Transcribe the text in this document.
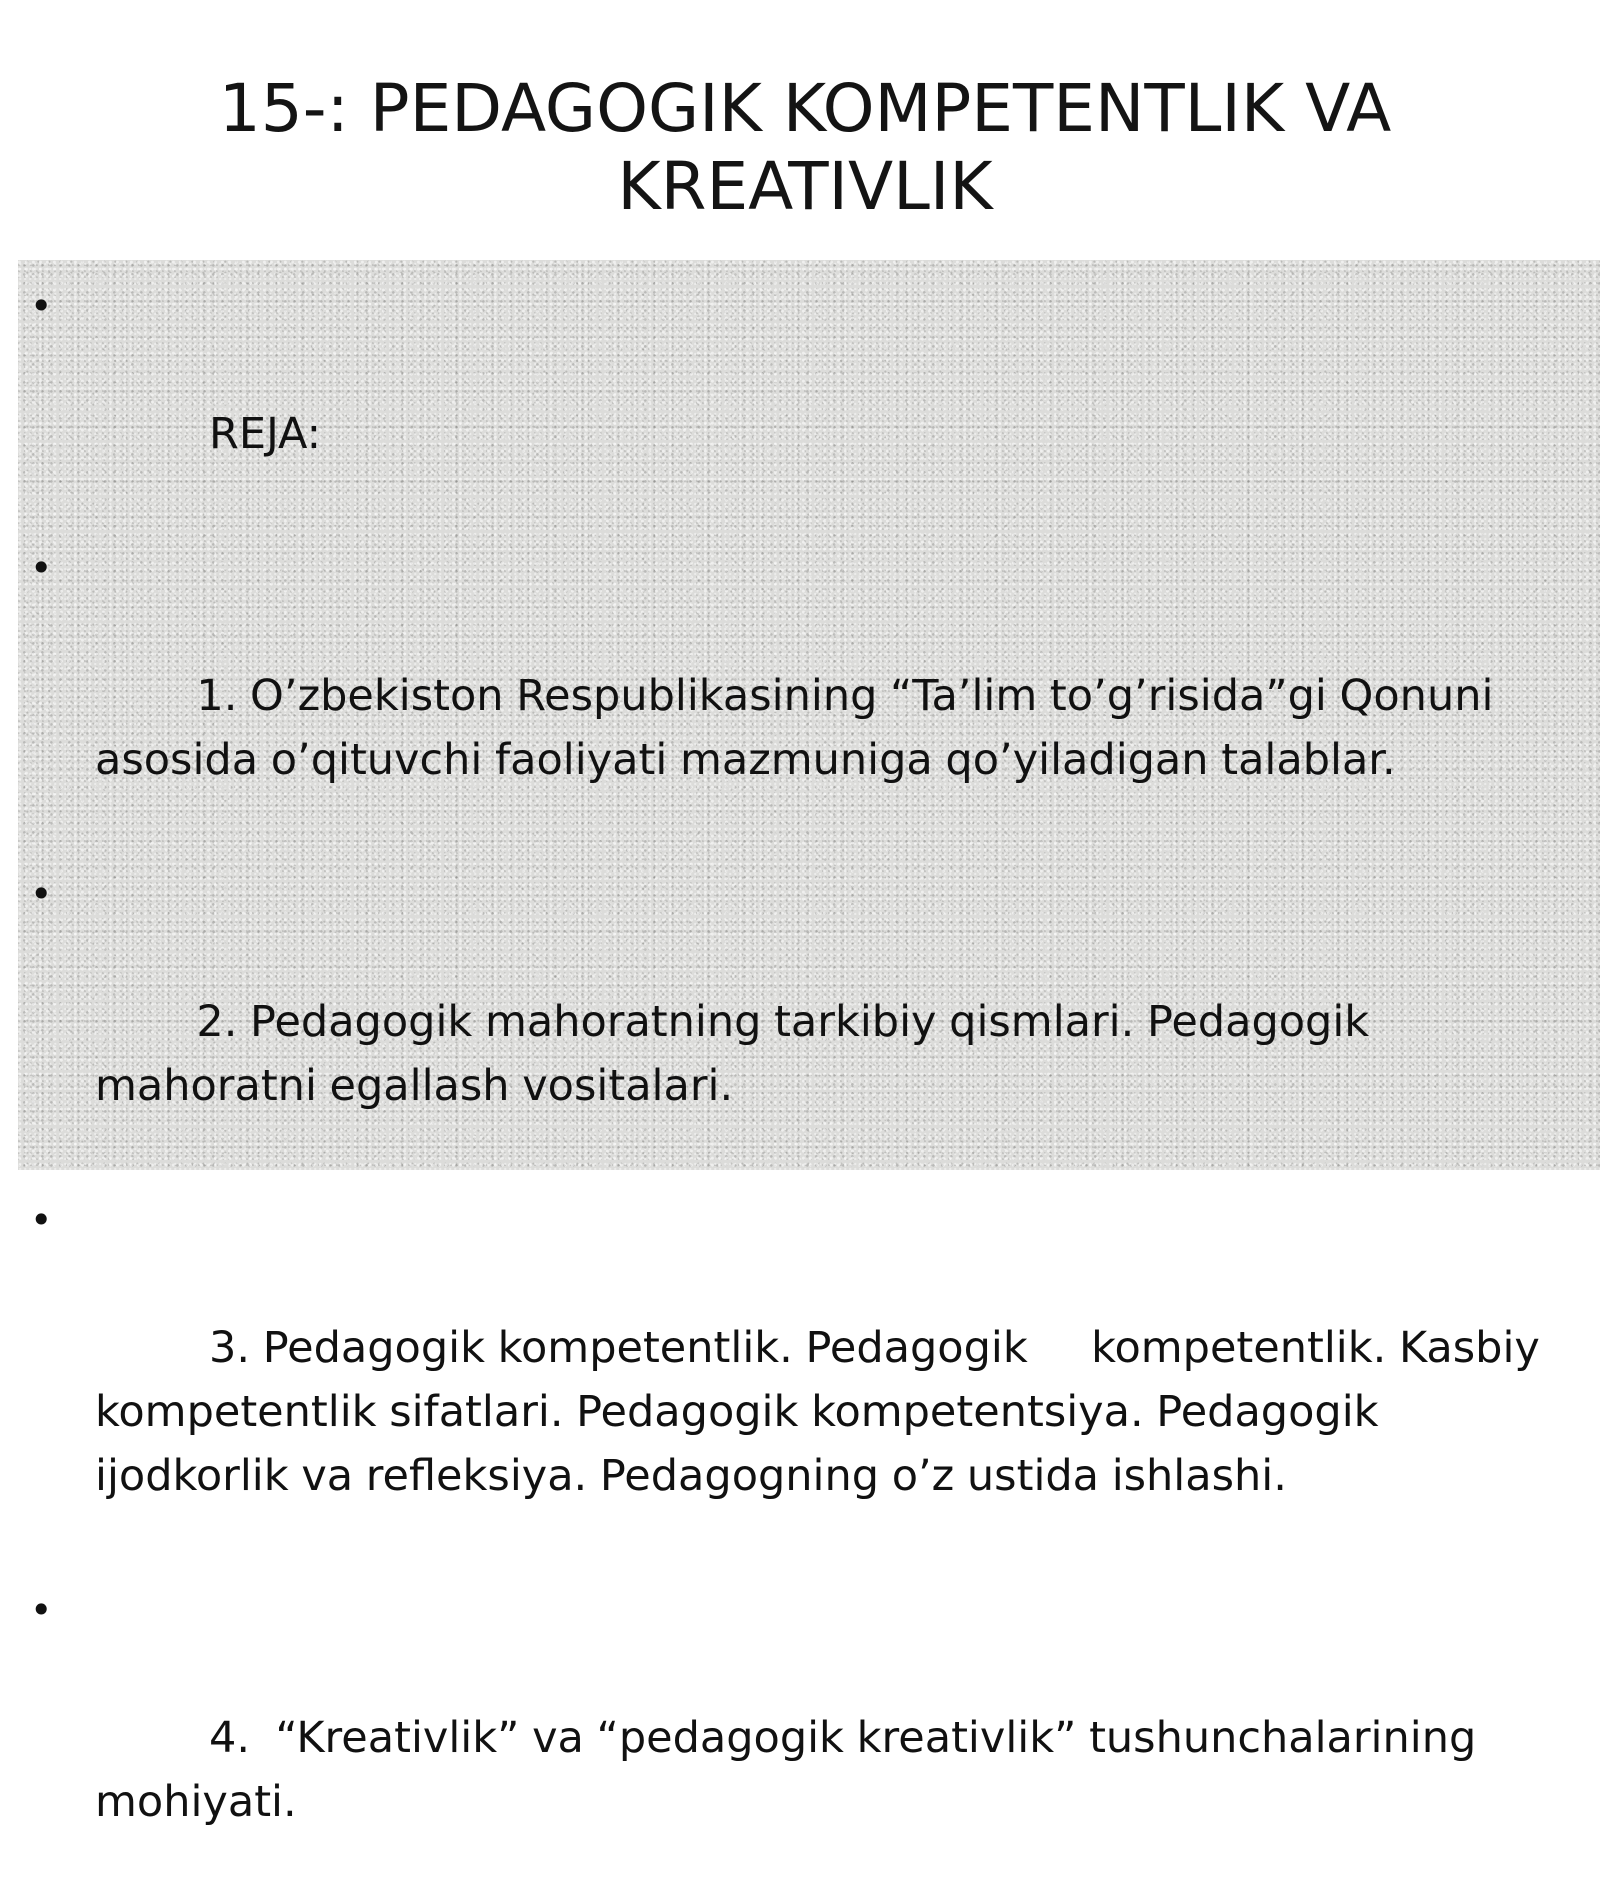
15-: PEDAGOGIK KOMPETENTLIK VA
KREATIVLIK

•

REJA:

•

1. O’zbekiston Respublikasining “Ta’lim to’g’risida”gi Qonuni asosida o’qituvchi faoliyati mazmuniga qo’yiladigan talablar.

•

2. Pedagogik mahoratning tarkibiy qismlari. Pedagogik mahoratni egallash vositalari.

•

3. Pedagogik kompetentlik. Pedagogik     kompetentlik. Kasbiy kompetentlik sifatlari. Pedagogik kompetentsiya. Pedagogik ijodkorlik va refleksiya. Pedagogning o’z ustida ishlashi.

•

4.  “Kreativlik” va “pedagogik kreativlik” tushunchalarining mohiyati.
